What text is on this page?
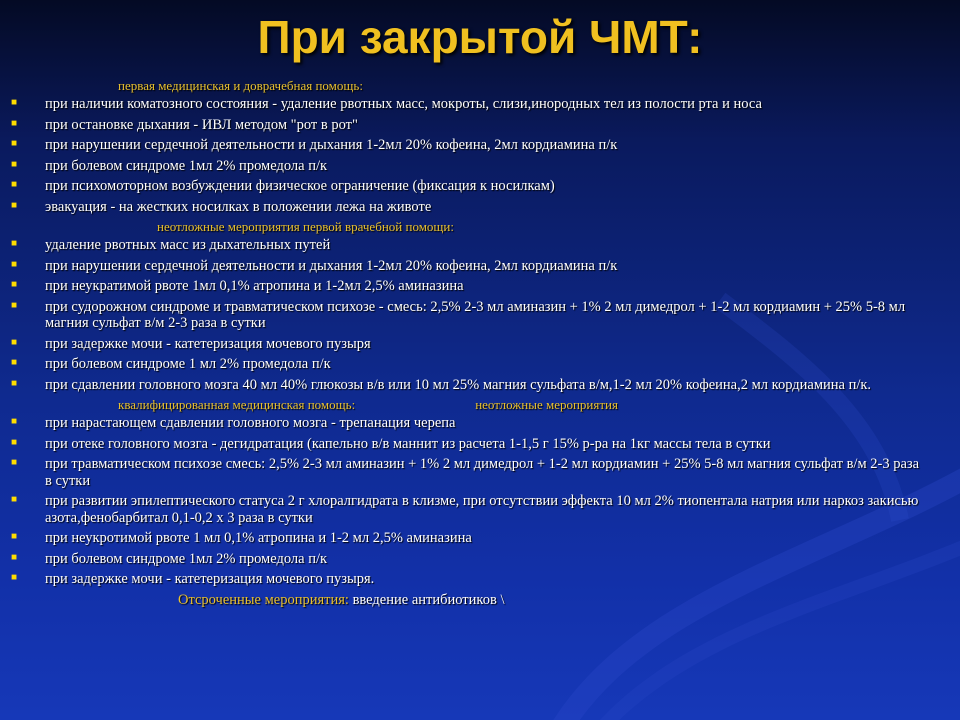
При закрытой ЧМТ:
первая медицинская и доврачебная помощь:
■ при наличии коматозного состояния - удаление рвотных масс, мокроты, слизи,инородных тел из полости рта и носа
■ при остановке дыхания - ИВЛ методом "рот в рот"
■ при нарушении сердечной деятельности и дыхания 1-2мл 20% кофеина, 2мл кордиамина п/к
■ при болевом синдроме 1мл 2% промедола п/к
■ при психомоторном возбуждении физическое ограничение (фиксация к носилкам)
■ эвакуация - на жестких носилках в положении лежа на животе
неотложные мероприятия первой врачебной помощи:
■ удаление рвотных масс из дыхательных путей
■ при нарушении сердечной деятельности и дыхания 1-2мл 20% кофеина, 2мл кордиамина п/к
■ при неукратимой рвоте 1мл 0,1% атропина и 1-2мл 2,5% аминазина
■ при судорожном синдроме и травматическом психозе - смесь: 2,5% 2-3 мл аминазин + 1% 2 мл димедрол + 1-2 мл кордиамин + 25% 5-8 мл магния сульфат в/м 2-3 раза в сутки
■ при задержке мочи - катетеризация мочевого пузыря
■ при болевом синдроме 1 мл 2% промедола п/к
■ при сдавлении головного мозга 40 мл 40% глюкозы в/в или 10 мл 25% магния сульфата в/м,1-2 мл 20% кофеина,2 мл кордиамина п/к.
квалифицированная медицинская помощь:	неотложные мероприятия
■ при нарастающем сдавлении головного мозга - трепанация черепа
■ при отеке головного мозга - дегидратация (капельно в/в маннит из расчета 1-1,5 г 15% р-ра на 1кг массы тела в сутки
■ при травматическом психозе смесь: 2,5% 2-3 мл аминазин + 1% 2 мл димедрол + 1-2 мл кордиамин + 25% 5-8 мл магния сульфат в/м 2-3 раза в сутки
■ при развитии эпилептического статуса 2 г хлоралгидрата в клизме, при отсутствии эффекта 10 мл 2% тиопентала натрия или наркоз закисью азота,фенобарбитал 0,1-0,2 х 3 раза в сутки
■ при неукротимой рвоте 1 мл 0,1% атропина и 1-2 мл 2,5% аминазина
■ при болевом синдроме 1мл 2% промедола п/к
■ при задержке мочи - катетеризация мочевого пузыря.
Отсроченные мероприятия: введение антибиотиков \
